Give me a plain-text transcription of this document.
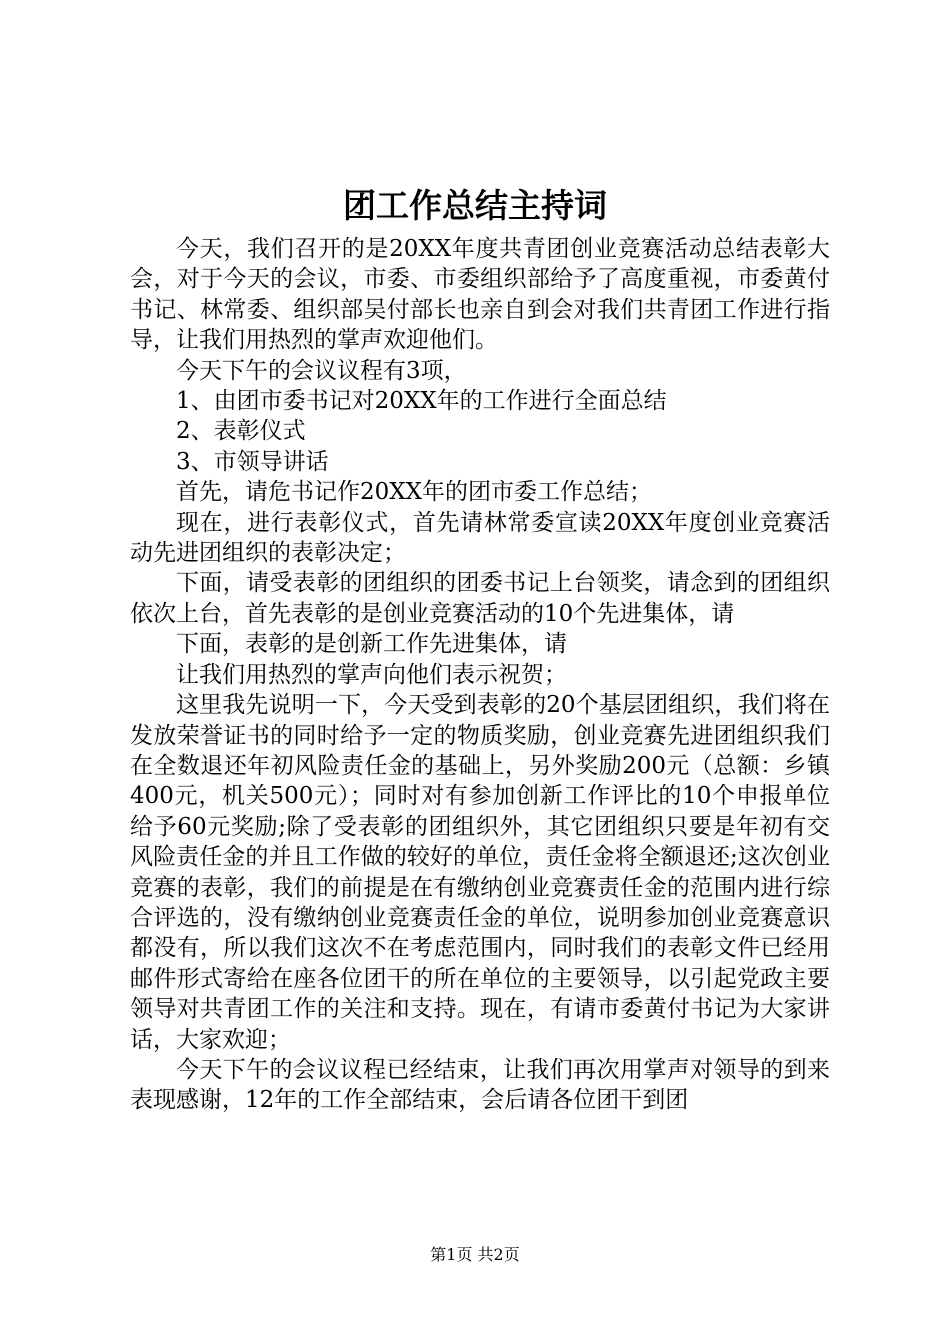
团工作总结主持词

今天，我们召开的是20XX年度共青团创业竞赛活动总结表彰大会，对于今天的会议，市委、市委组织部给予了高度重视，市委黄付书记、林常委、组织部吴付部长也亲自到会对我们共青团工作进行指导，让我们用热烈的掌声欢迎他们。

今天下午的会议议程有3项，

1、由团市委书记对20XX年的工作进行全面总结

2、表彰仪式

3、市领导讲话

首先，请危书记作20XX年的团市委工作总结；

现在，进行表彰仪式，首先请林常委宣读20XX年度创业竞赛活动先进团组织的表彰决定；

下面，请受表彰的团组织的团委书记上台领奖，请念到的团组织依次上台，首先表彰的是创业竞赛活动的10个先进集体，请

下面，表彰的是创新工作先进集体，请

让我们用热烈的掌声向他们表示祝贺；

这里我先说明一下，今天受到表彰的20个基层团组织，我们将在发放荣誉证书的同时给予一定的物质奖励，创业竞赛先进团组织我们在全数退还年初风险责任金的基础上，另外奖励200元（总额：乡镇400元，机关500元）；同时对有参加创新工作评比的10个申报单位给予60元奖励;除了受表彰的团组织外，其它团组织只要是年初有交风险责任金的并且工作做的较好的单位，责任金将全额退还;这次创业竞赛的表彰，我们的前提是在有缴纳创业竞赛责任金的范围内进行综合评选的，没有缴纳创业竞赛责任金的单位，说明参加创业竞赛意识都没有，所以我们这次不在考虑范围内，同时我们的表彰文件已经用邮件形式寄给在座各位团干的所在单位的主要领导，以引起党政主要领导对共青团工作的关注和支持。现在，有请市委黄付书记为大家讲话，大家欢迎；

今天下午的会议议程已经结束，让我们再次用掌声对领导的到来表现感谢，12年的工作全部结束，会后请各位团干到团

第1页 共2页
